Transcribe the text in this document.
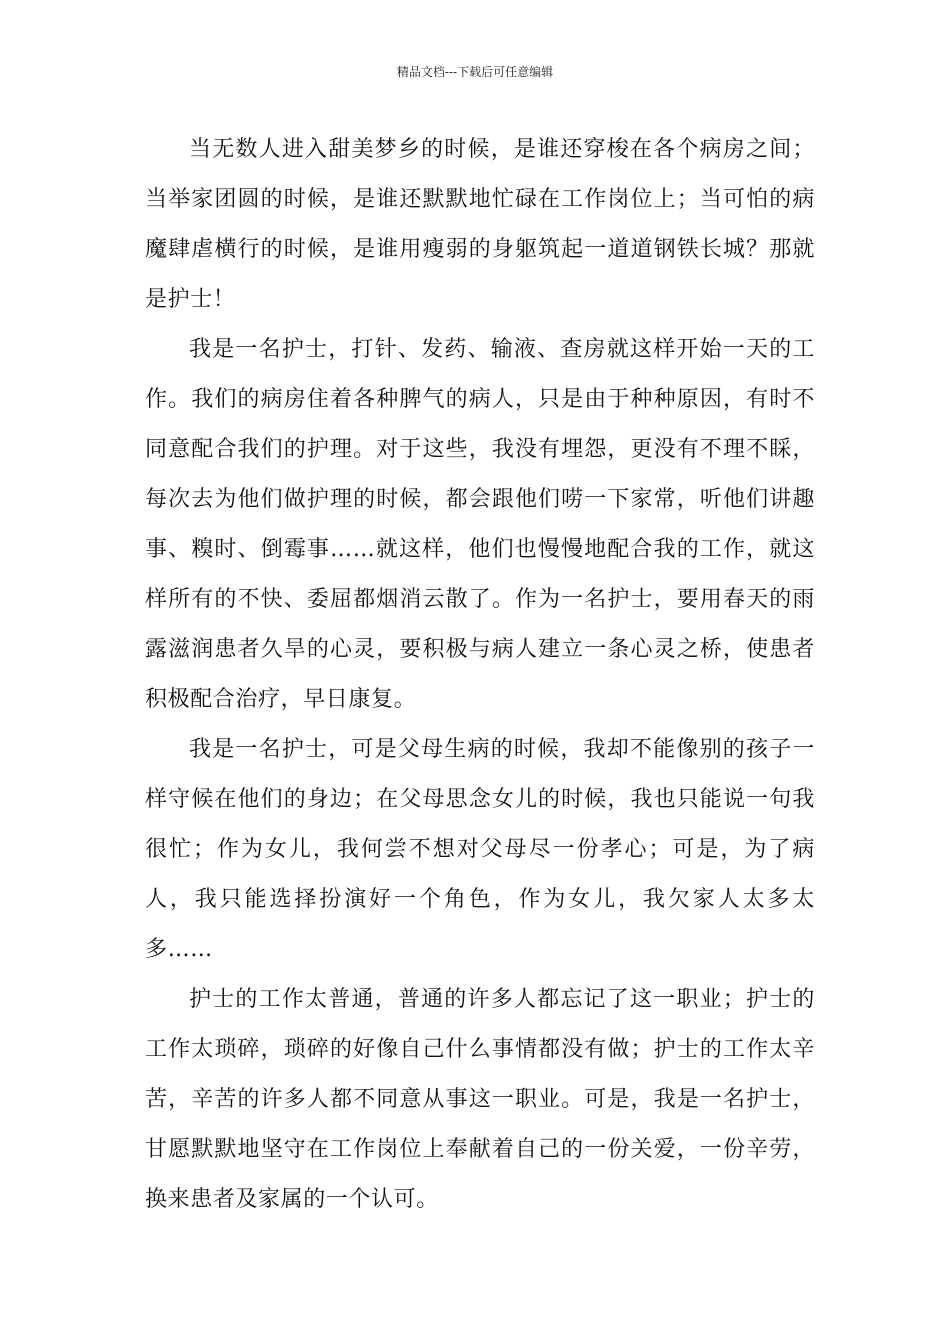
精品文档---下载后可任意编辑

当无数人进入甜美梦乡的时候，是谁还穿梭在各个病房之间；当举家团圆的时候，是谁还默默地忙碌在工作岗位上；当可怕的病魔肆虐横行的时候，是谁用瘦弱的身躯筑起一道道钢铁长城？那就是护士！

我是一名护士，打针、发药、输液、查房就这样开始一天的工作。我们的病房住着各种脾气的病人，只是由于种种原因，有时不同意配合我们的护理。对于这些，我没有埋怨，更没有不理不睬，每次去为他们做护理的时候，都会跟他们唠一下家常，听他们讲趣事、糗时、倒霉事……就这样，他们也慢慢地配合我的工作，就这样所有的不快、委屈都烟消云散了。作为一名护士，要用春天的雨露滋润患者久旱的心灵，要积极与病人建立一条心灵之桥，使患者积极配合治疗，早日康复。

我是一名护士，可是父母生病的时候，我却不能像别的孩子一样守候在他们的身边；在父母思念女儿的时候，我也只能说一句我很忙；作为女儿，我何尝不想对父母尽一份孝心；可是，为了病人，我只能选择扮演好一个角色，作为女儿，我欠家人太多太多……

护士的工作太普通，普通的许多人都忘记了这一职业；护士的工作太琐碎，琐碎的好像自己什么事情都没有做；护士的工作太辛苦，辛苦的许多人都不同意从事这一职业。可是，我是一名护士，甘愿默默地坚守在工作岗位上奉献着自己的一份关爱，一份辛劳，换来患者及家属的一个认可。
